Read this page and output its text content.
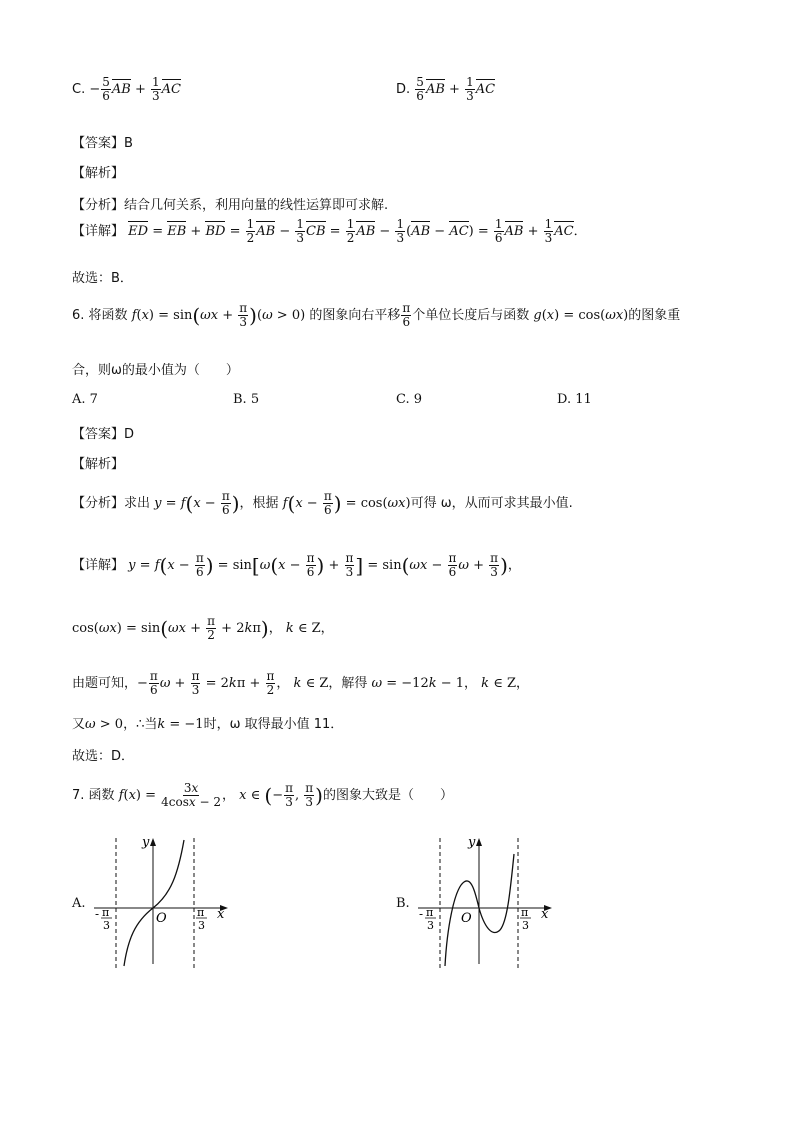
C. − $\frac{5}{6}$ AB + $\frac{1}{3}$ AC	D. $\frac{5}{6}$ AB + $\frac{1}{3}$ AC
【答案】B
【解析】
【分析】结合几何关系，利用向量的线性运算即可求解.
【详解】 ED = EB + BD = $\frac{1}{2}$ AB − $\frac{1}{3}$ CB = $\frac{1}{2}$ AB − $\frac{1}{3} (AB - AC) = \frac{1}{6}$ AB + $\frac{1}{3}$ AC．
故选：B．
6. 将函数 $f(x) = \sin(\omega x + \frac{\pi}{3} )(\omega > 0)$ 的图象向右平移 $\frac{\pi}{6}$ 个单位长度后与函数 g(x) = cos(ωx)的图象重
合，则ω的最小值为（　　）
A. 7	B. 5	C. 9	D. 11
【答案】D
【解析】
【分析】求出 $y = f(x - \frac{\pi}{6}$ )，根据 $f(x - \frac{\pi}{6}$ ) = cos(ωx)可得 ω，从而可求其最小值.
【详解】 $y = f(x - \frac{\pi}{6}$ ) = $\sin[\omega(x - \frac{\pi}{6}$ ) + $\frac{\pi}{3}$ ] = $\sin(\omega x - \frac{\pi}{6}$ $\omega + \frac{\pi}{3}$ )，
$\cos(\omega x) = \sin(\omega x + \frac{\pi}{2} + 2k\pi)$， k ∈ Z，
由题可知，− $\frac{\pi}{6}$ $\omega + \frac{\pi}{3} = 2k\pi + \frac{\pi}{2}$ ， k ∈ Z，解得 ω = −12k − 1， k ∈ Z，
又ω > 0，∴当k = −1时，ω 取得最小值 11．
故选：D．
7. 函数 $f(x) = \frac{3x}{4\cos x - 2}$ ， x ∈ (− $\frac{\pi}{3}$ , $\frac{\pi}{3}$ )的图象大致是（　　）
A.
y
x
O
- π
3
π
3
B.
y
x
O
- π
3
π
3
